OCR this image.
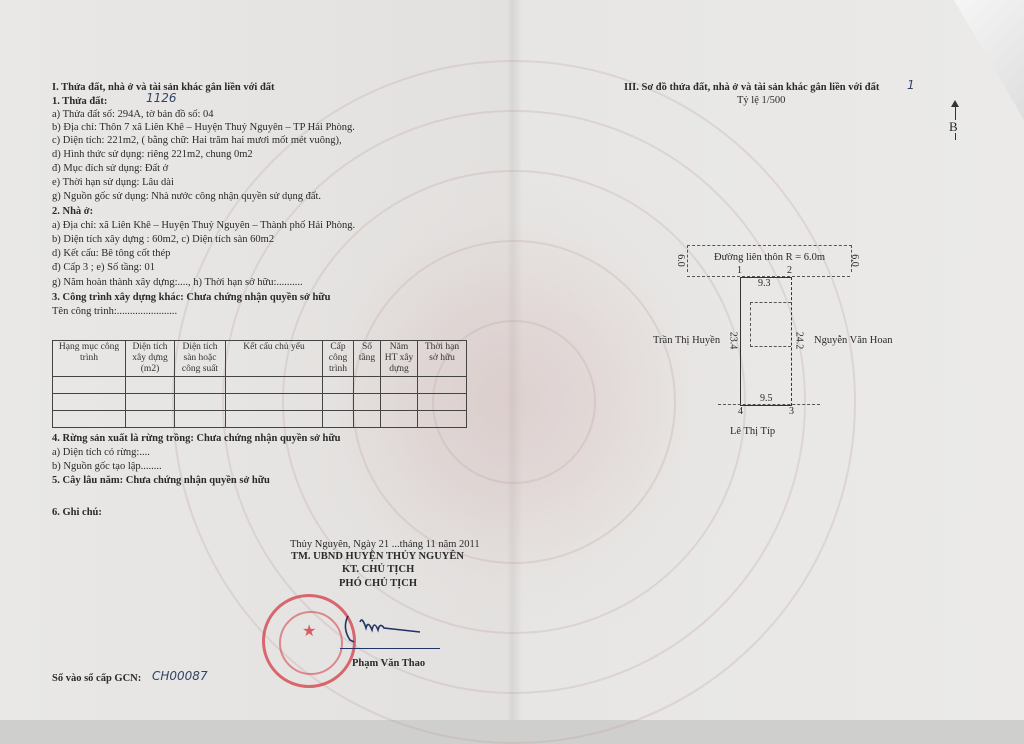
I. Thửa đất, nhà ở và tài sản khác gắn liền với đất
1. Thửa đất:	1126
a) Thửa đất số: 294A, tờ bản đồ số: 04
b) Địa chỉ: Thôn 7 xã Liên Khê – Huyện Thuỷ Nguyên – TP Hải Phòng.
c) Diện tích: 221m2, ( bằng chữ: Hai trăm hai mươi mốt mét vuông),
d) Hình thức sử dụng: riêng 221m2, chung 0m2
đ) Mục đích sử dụng: Đất ở
e) Thời hạn sử dụng: Lâu dài
g) Nguồn gốc sử dụng: Nhà nước công nhận quyền sử dụng đất.
2. Nhà ở:
a) Địa chỉ: xã Liên Khê – Huyện Thuỷ Nguyên – Thành phố Hải Phòng.
b) Diện tích xây dựng : 60m2, c) Diện tích sàn 60m2
d) Kết cấu: Bê tông cốt thép
đ) Cấp 3 ; e) Số tầng: 01
g) Năm hoàn thành xây dựng:...., h) Thời hạn sở hữu:..........
3. Công trình xây dựng khác: Chưa chứng nhận quyền sở hữu
Tên công trình:.......................
Hạng mục công trình	Diện tích xây dựng (m2)	Diện tích sàn hoặc công suất	Kết cấu chủ yếu	Cấp công trình	Số tầng	Năm HT xây dựng	Thời hạn sở hữu

4. Rừng sản xuất là rừng trồng: Chưa chứng nhận quyền sở hữu
a) Diện tích có rừng:....
b) Nguồn gốc tạo lập........
5. Cây lâu năm: Chưa chứng nhận quyền sở hữu
6. Ghi chú:
Thủy Nguyên, Ngày 21 ...tháng 11 năm 2011
TM. UBND HUYỆN THỦY NGUYÊN
KT. CHỦ TỊCH
PHÓ CHỦ TỊCH
★
Phạm Văn Thao
Số vào sổ cấp GCN: CH00087
III. Sơ đồ thửa đất, nhà ở và tài sản khác gắn liền với đất 1
Tỷ lệ 1/500
B
Đường liên thôn R = 6.0m
6.0	6.0
1	2
9.3
9.5
23.4	24.2
4	3
Trần Thị Huyền	Nguyễn Văn Hoan
Lê Thị Típ
